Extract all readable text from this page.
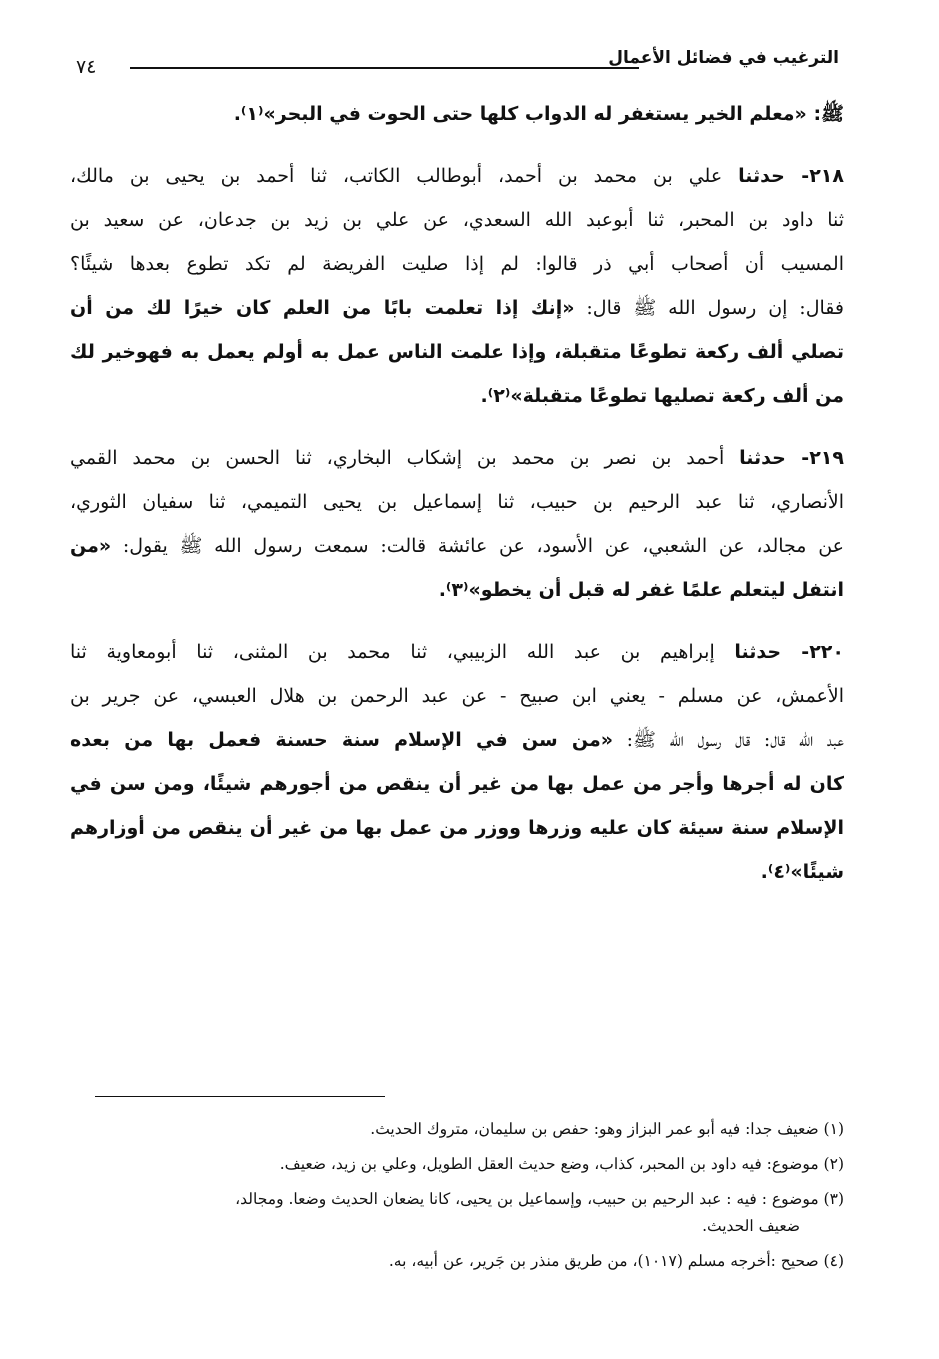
الترغيب في فضائل الأعمال
٧٤
ﷺ: «معلم الخير يستغفر له الدواب كلها حتى الحوت في البحر»⁽١⁾.
٢١٨- حدثنا علي بن محمد بن أحمد، أبوطالب الكاتب، ثنا أحمد بن يحيى بن مالك،
ثنا داود بن المحبر، ثنا أبوعبد الله السعدي، عن علي بن زيد بن جدعان، عن سعيد بن
المسيب أن أصحاب أبي ذر قالوا: لم إذا صليت الفريضة لم تكد تطوع بعدها شيئًا؟
فقال: إن رسول الله ﷺ قال: «إنك إذا تعلمت بابًا من العلم كان خيرًا لك من أن
تصلي ألف ركعة تطوعًا متقبلة، وإذا علمت الناس عمل به أولم يعمل به فهوخير لك
من ألف ركعة تصليها تطوعًا متقبلة»⁽٢⁾.
٢١٩- حدثنا أحمد بن نصر بن محمد بن إشكاب البخاري، ثنا الحسن بن محمد القمي
الأنصاري، ثنا عبد الرحيم بن حبيب، ثنا إسماعيل بن يحيى التميمي، ثنا سفيان الثوري،
عن مجالد، عن الشعبي، عن الأسود، عن عائشة قالت: سمعت رسول الله ﷺ يقول: «من
انتفل ليتعلم علمًا غفر له قبل أن يخطو»⁽٣⁾.
٢٢٠- حدثنا إبراهيم بن عبد الله الزبيبي، ثنا محمد بن المثنى، ثنا أبومعاوية ثنا
الأعمش، عن مسلم - يعني ابن صبيح - عن عبد الرحمن بن هلال العبسي، عن جرير بن
عبد الله قال: قال رسول الله ﷺ: «من سن في الإسلام سنة حسنة فعمل بها من بعده
كان له أجرها وأجر من عمل بها من غير أن ينقص من أجورهم شيئًا، ومن سن في
الإسلام سنة سيئة كان عليه وزرها ووزر من عمل بها من غير أن ينقص من أوزارهم
شيئًا»⁽٤⁾.
(١) ضعيف جدا: فيه أبو عمر البزاز وهو: حفص بن سليمان، متروك الحديث.
(٢) موضوع: فيه داود بن المحبر، كذاب، وضع حديث العقل الطويل، وعلي بن زيد، ضعيف.
(٣) موضوع : فيه : عبد الرحيم بن حبيب، وإسماعيل بن يحيى، كانا يضعان الحديث وضعا. ومجالد،
ضعيف الحديث.
(٤) صحيح :أخرجه مسلم (١٠١٧)، من طريق منذر بن جَرير، عن أبيه، به.
